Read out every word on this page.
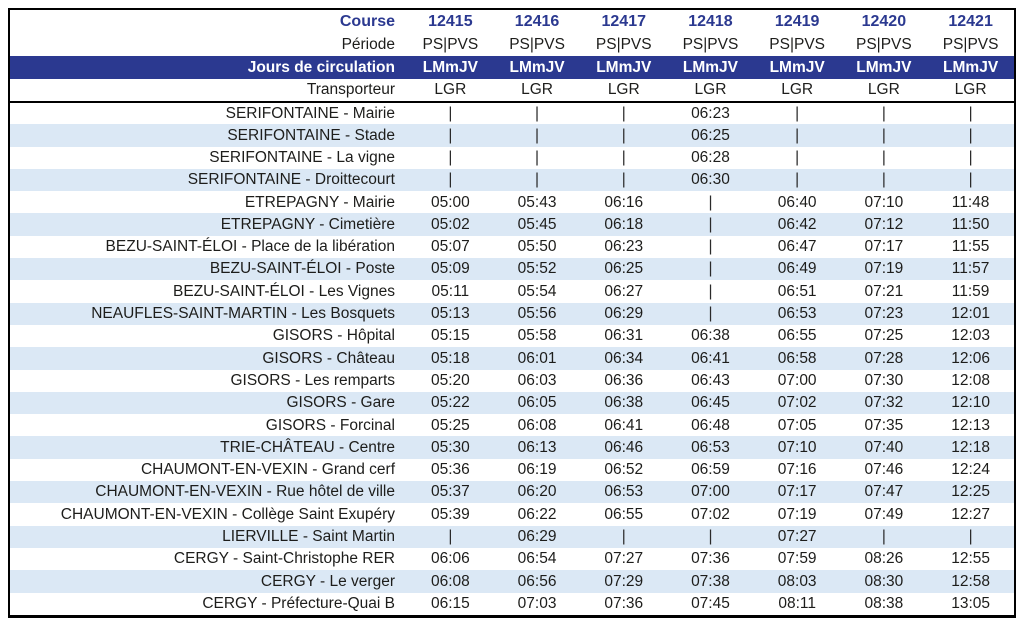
Course	12415	12416	12417	12418	12419	12420	12421
Période	PS|PVS	PS|PVS	PS|PVS	PS|PVS	PS|PVS	PS|PVS	PS|PVS
Jours de circulation	LMmJV	LMmJV	LMmJV	LMmJV	LMmJV	LMmJV	LMmJV
Transporteur	LGR	LGR	LGR	LGR	LGR	LGR	LGR
SERIFONTAINE - Mairie	|	|	|	06:23	|	|	|
SERIFONTAINE - Stade	|	|	|	06:25	|	|	|
SERIFONTAINE - La vigne	|	|	|	06:28	|	|	|
SERIFONTAINE - Droittecourt	|	|	|	06:30	|	|	|
ETREPAGNY - Mairie	05:00	05:43	06:16	|	06:40	07:10	11:48
ETREPAGNY - Cimetière	05:02	05:45	06:18	|	06:42	07:12	11:50
BEZU-SAINT-ÉLOI - Place de la libération	05:07	05:50	06:23	|	06:47	07:17	11:55
BEZU-SAINT-ÉLOI - Poste	05:09	05:52	06:25	|	06:49	07:19	11:57
BEZU-SAINT-ÉLOI - Les Vignes	05:11	05:54	06:27	|	06:51	07:21	11:59
NEAUFLES-SAINT-MARTIN - Les Bosquets	05:13	05:56	06:29	|	06:53	07:23	12:01
GISORS - Hôpital	05:15	05:58	06:31	06:38	06:55	07:25	12:03
GISORS - Château	05:18	06:01	06:34	06:41	06:58	07:28	12:06
GISORS - Les remparts	05:20	06:03	06:36	06:43	07:00	07:30	12:08
GISORS - Gare	05:22	06:05	06:38	06:45	07:02	07:32	12:10
GISORS - Forcinal	05:25	06:08	06:41	06:48	07:05	07:35	12:13
TRIE-CHÂTEAU - Centre	05:30	06:13	06:46	06:53	07:10	07:40	12:18
CHAUMONT-EN-VEXIN - Grand cerf	05:36	06:19	06:52	06:59	07:16	07:46	12:24
CHAUMONT-EN-VEXIN - Rue hôtel de ville	05:37	06:20	06:53	07:00	07:17	07:47	12:25
CHAUMONT-EN-VEXIN - Collège Saint Exupéry	05:39	06:22	06:55	07:02	07:19	07:49	12:27
LIERVILLE - Saint Martin	|	06:29	|	|	07:27	|	|
CERGY - Saint-Christophe RER	06:06	06:54	07:27	07:36	07:59	08:26	12:55
CERGY - Le verger	06:08	06:56	07:29	07:38	08:03	08:30	12:58
CERGY - Préfecture-Quai B	06:15	07:03	07:36	07:45	08:11	08:38	13:05
